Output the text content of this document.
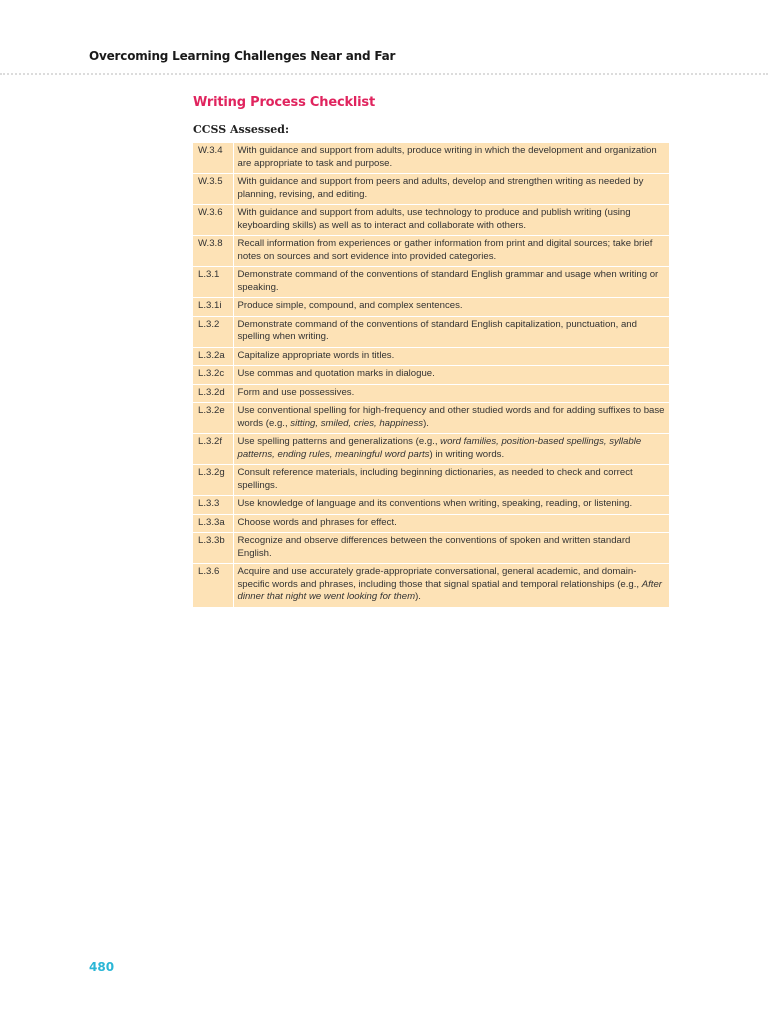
Overcoming Learning Challenges Near and Far
Writing Process Checklist
CCSS Assessed:
W.3.4	With guidance and support from adults, produce writing in which the development and organization are appropriate to task and purpose.
W.3.5	With guidance and support from peers and adults, develop and strengthen writing as needed by planning, revising, and editing.
W.3.6	With guidance and support from adults, use technology to produce and publish writing (using keyboarding skills) as well as to interact and collaborate with others.
W.3.8	Recall information from experiences or gather information from print and digital sources; take brief notes on sources and sort evidence into provided categories.
L.3.1	Demonstrate command of the conventions of standard English grammar and usage when writing or speaking.
L.3.1i	Produce simple, compound, and complex sentences.
L.3.2	Demonstrate command of the conventions of standard English capitalization, punctuation, and spelling when writing.
L.3.2a	Capitalize appropriate words in titles.
L.3.2c	Use commas and quotation marks in dialogue.
L.3.2d	Form and use possessives.
L.3.2e	Use conventional spelling for high-frequency and other studied words and for adding suffixes to base words (e.g., sitting, smiled, cries, happiness).
L.3.2f	Use spelling patterns and generalizations (e.g., word families, position-based spellings, syllable patterns, ending rules, meaningful word parts) in writing words.
L.3.2g	Consult reference materials, including beginning dictionaries, as needed to check and correct spellings.
L.3.3	Use knowledge of language and its conventions when writing, speaking, reading, or listening.
L.3.3a	Choose words and phrases for effect.
L.3.3b	Recognize and observe differences between the conventions of spoken and written standard English.
L.3.6	Acquire and use accurately grade-appropriate conversational, general academic, and domain-specific words and phrases, including those that signal spatial and temporal relationships (e.g., After dinner that night we went looking for them).
480
